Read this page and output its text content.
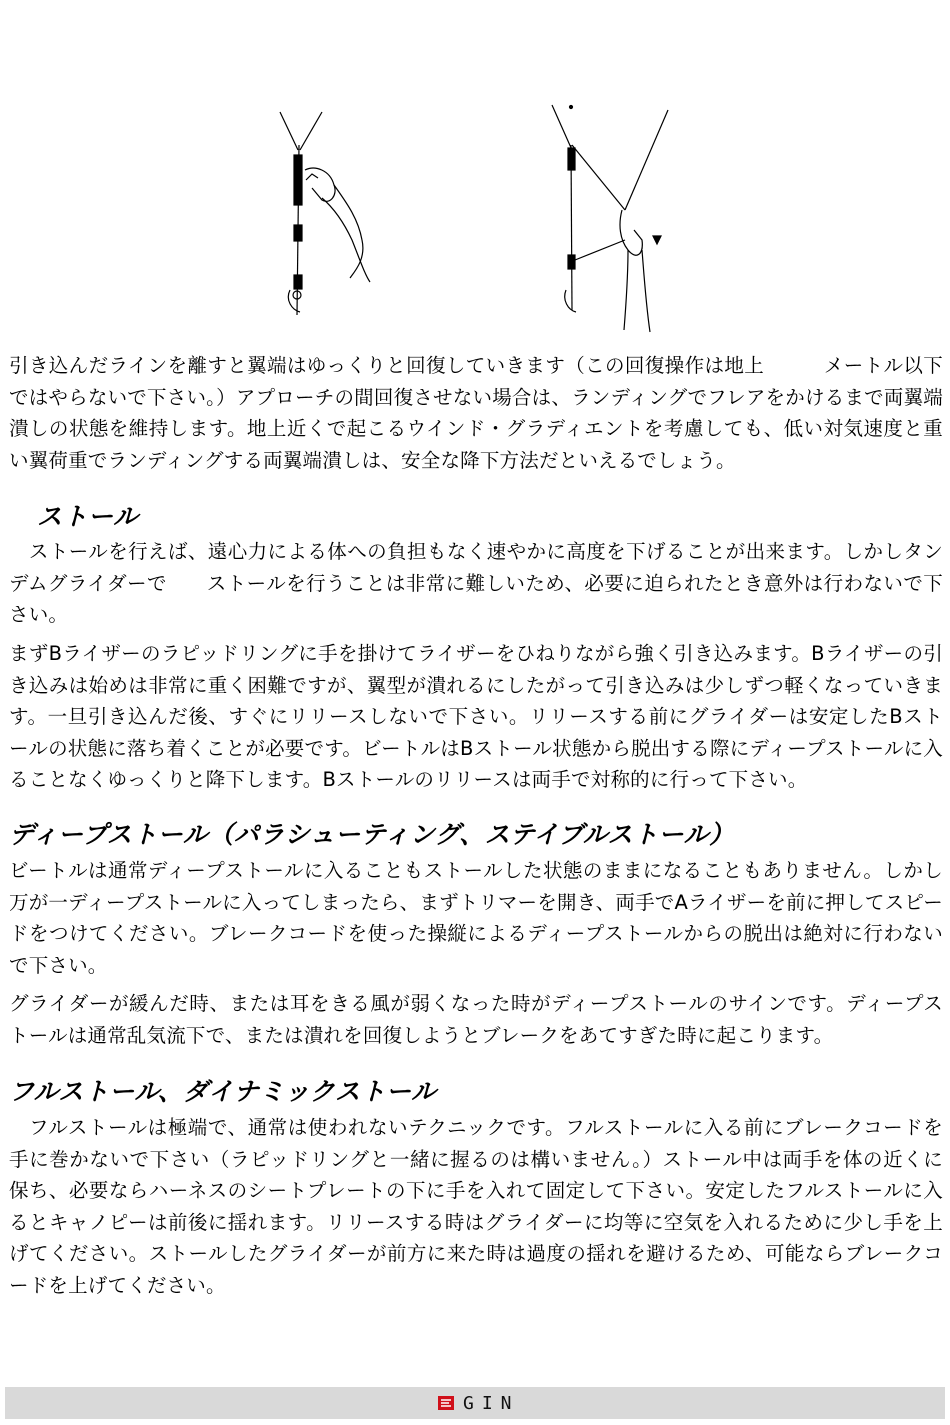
引き込んだラインを離すと翼端はゆっくりと回復していきます（この回復操作は地上　　　メートル以下ではやらないで下さい。）アプローチの間回復させない場合は、ランディングでフレアをかけるまで両翼端潰しの状態を維持します。地上近くで起こるウインド・グラディエントを考慮しても、低い対気速度と重い翼荷重でランディングする両翼端潰しは、安全な降下方法だといえるでしょう。

ストール

　ストールを行えば、遠心力による体への負担もなく速やかに高度を下げることが出来ます。しかしタンデムグライダーで　　ストールを行うことは非常に難しいため、必要に迫られたとき意外は行わないで下さい。

まずBライザーのラピッドリングに手を掛けてライザーをひねりながら強く引き込みます。Bライザーの引き込みは始めは非常に重く困難ですが、翼型が潰れるにしたがって引き込みは少しずつ軽くなっていきます。一旦引き込んだ後、すぐにリリースしないで下さい。リリースする前にグライダーは安定したBストールの状態に落ち着くことが必要です。ビートルはBストール状態から脱出する際にディープストールに入ることなくゆっくりと降下します。Bストールのリリースは両手で対称的に行って下さい。

ディープストール（パラシューティング、ステイブルストール）

ビートルは通常ディープストールに入ることもストールした状態のままになることもありません。しかし万が一ディープストールに入ってしまったら、まずトリマーを開き、両手でAライザーを前に押してスピードをつけてください。ブレークコードを使った操縦によるディープストールからの脱出は絶対に行わないで下さい。

グライダーが緩んだ時、または耳をきる風が弱くなった時がディープストールのサインです。ディープストールは通常乱気流下で、または潰れを回復しようとブレークをあてすぎた時に起こります。

フルストール、ダイナミックストール

　フルストールは極端で、通常は使われないテクニックです。フルストールに入る前にブレークコードを手に巻かないで下さい（ラピッドリングと一緒に握るのは構いません。）ストール中は両手を体の近くに保ち、必要ならハーネスのシートプレートの下に手を入れて固定して下さい。安定したフルストールに入るとキャノピーは前後に揺れます。リリースする時はグライダーに均等に空気を入れるために少し手を上げてください。ストールしたグライダーが前方に来た時は過度の揺れを避けるため、可能ならブレークコードを上げてください。

GIN
